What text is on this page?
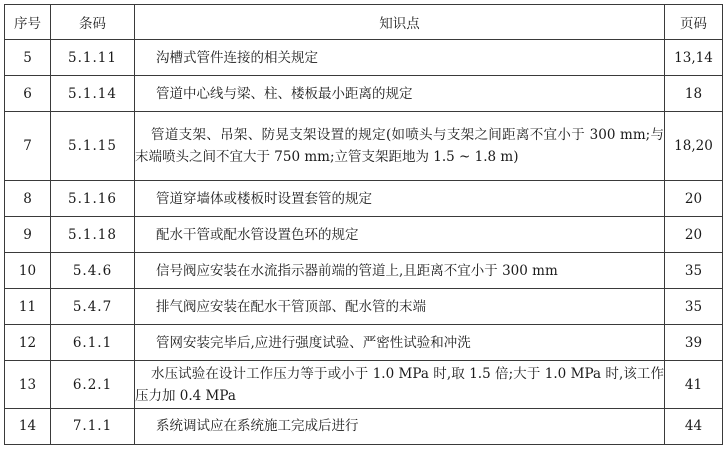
序号	条码	知识点	页码
5	5.1.11	沟槽式管件连接的相关规定	13,14
6	5.1.14	管道中心线与梁、柱、楼板最小距离的规定	18
7	5.1.15	管道支架、吊架、防晃支架设置的规定(如喷头与支架之间距离不宜小于 300 mm;与末端喷头之间不宜大于 750 mm;立管支架距地为 1.5 ~ 1.8 m)	18,20
8	5.1.16	管道穿墙体或楼板时设置套管的规定	20
9	5.1.18	配水干管或配水管设置色环的规定	20
10	5.4.6	信号阀应安装在水流指示器前端的管道上,且距离不宜小于 300 mm	35
11	5.4.7	排气阀应安装在配水干管顶部、配水管的末端	35
12	6.1.1	管网安装完毕后,应进行强度试验、严密性试验和冲洗	39
13	6.2.1	水压试验在设计工作压力等于或小于 1.0 MPa 时,取 1.5 倍;大于 1.0 MPa 时,该工作压力加 0.4 MPa	41
14	7.1.1	系统调试应在系统施工完成后进行	44
